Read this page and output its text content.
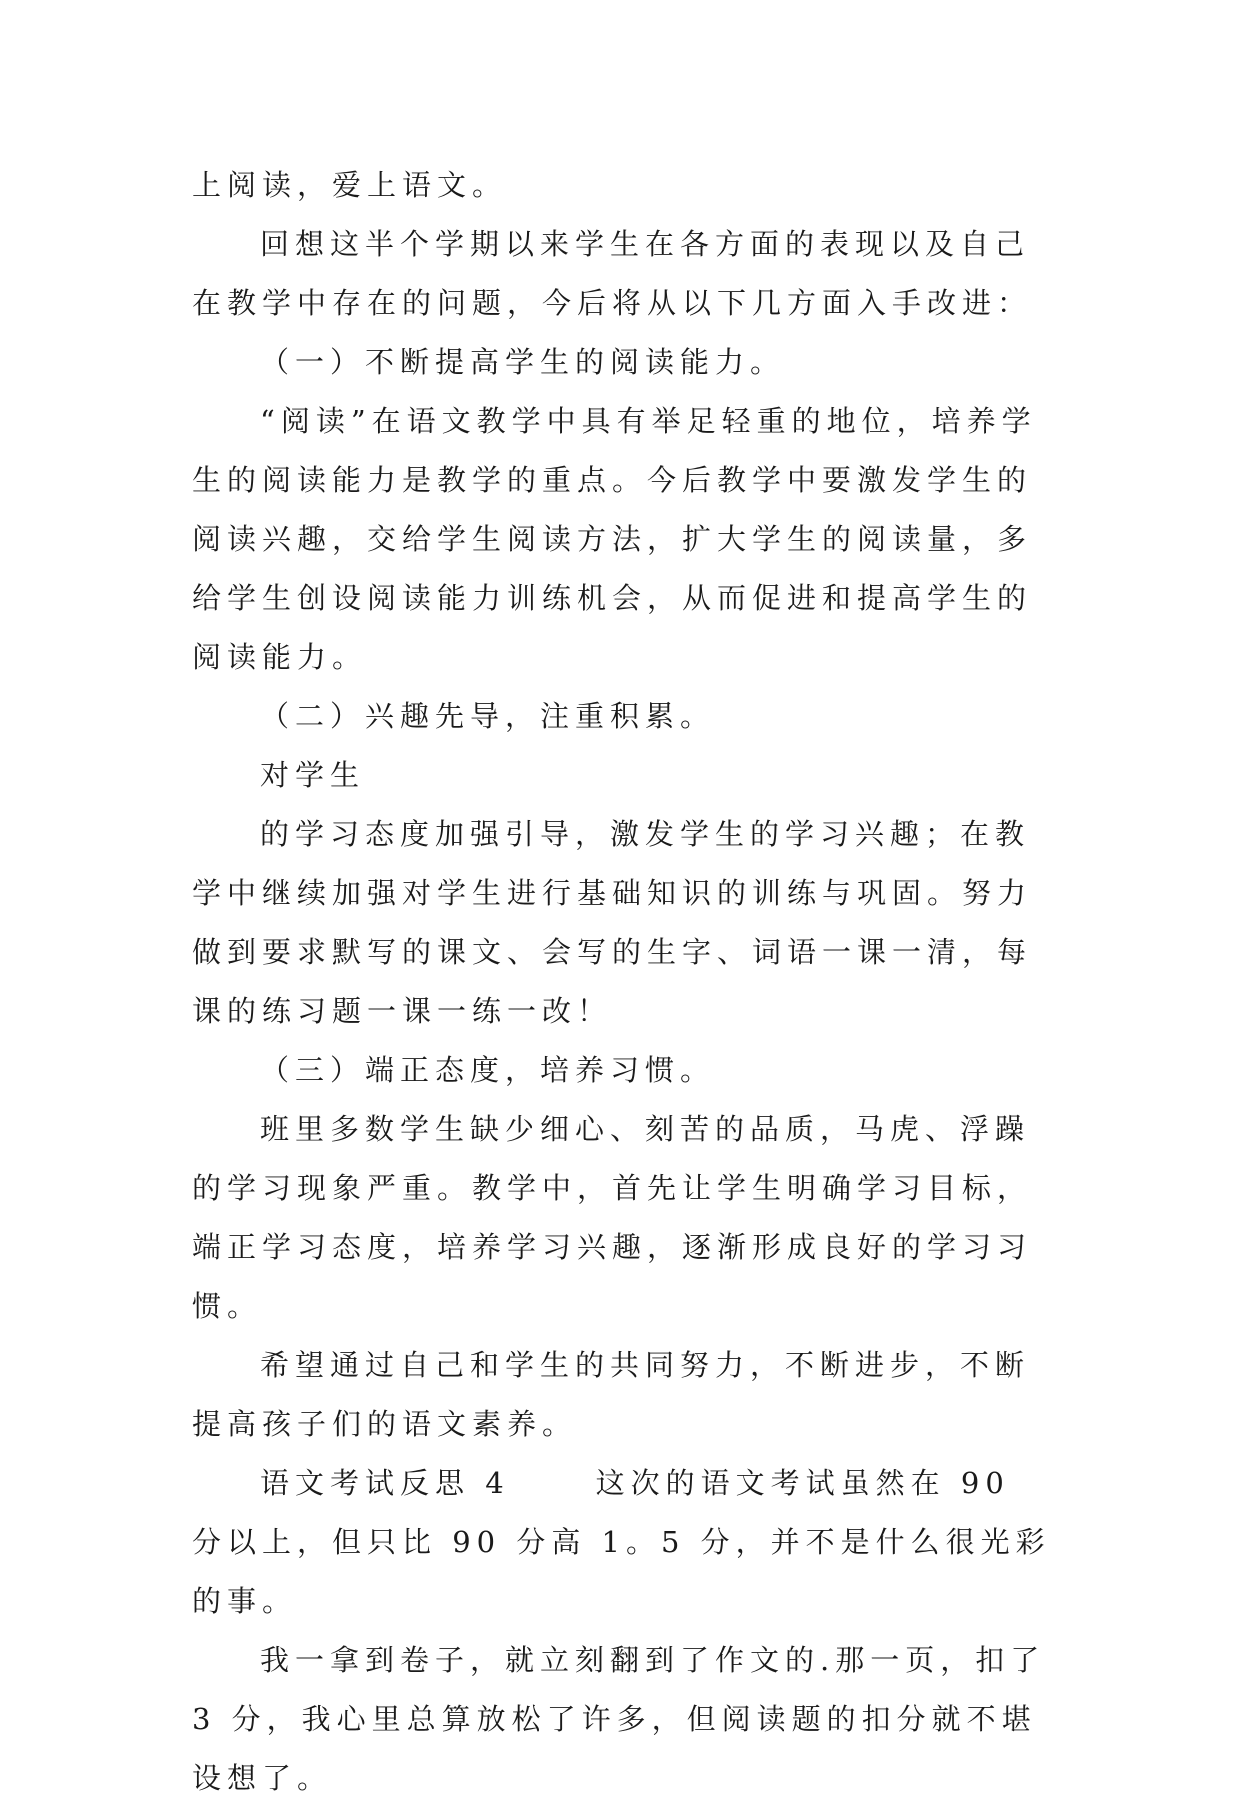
上阅读，爱上语文。

回想这半个学期以来学生在各方面的表现以及自己在教学中存在的问题，今后将从以下几方面入手改进：

（一）不断提高学生的阅读能力。

“阅读”在语文教学中具有举足轻重的地位，培养学生的阅读能力是教学的重点。今后教学中要激发学生的阅读兴趣，交给学生阅读方法，扩大学生的阅读量，多给学生创设阅读能力训练机会，从而促进和提高学生的阅读能力。

（二）兴趣先导，注重积累。

对学生

的学习态度加强引导，激发学生的学习兴趣；在教学中继续加强对学生进行基础知识的训练与巩固。努力做到要求默写的课文、会写的生字、词语一课一清，每课的练习题一课一练一改！

（三）端正态度，培养习惯。

班里多数学生缺少细心、刻苦的品质，马虎、浮躁的学习现象严重。教学中，首先让学生明确学习目标，端正学习态度，培养学习兴趣，逐渐形成良好的学习习惯。

希望通过自己和学生的共同努力，不断进步，不断提高孩子们的语文素养。

语文考试反思 4	这次的语文考试虽然在 90 分以上，但只比 90 分高 1。5 分，并不是什么很光彩的事。

我一拿到卷子，就立刻翻到了作文的.那一页，扣了 3 分，我心里总算放松了许多，但阅读题的扣分就不堪设想了。
